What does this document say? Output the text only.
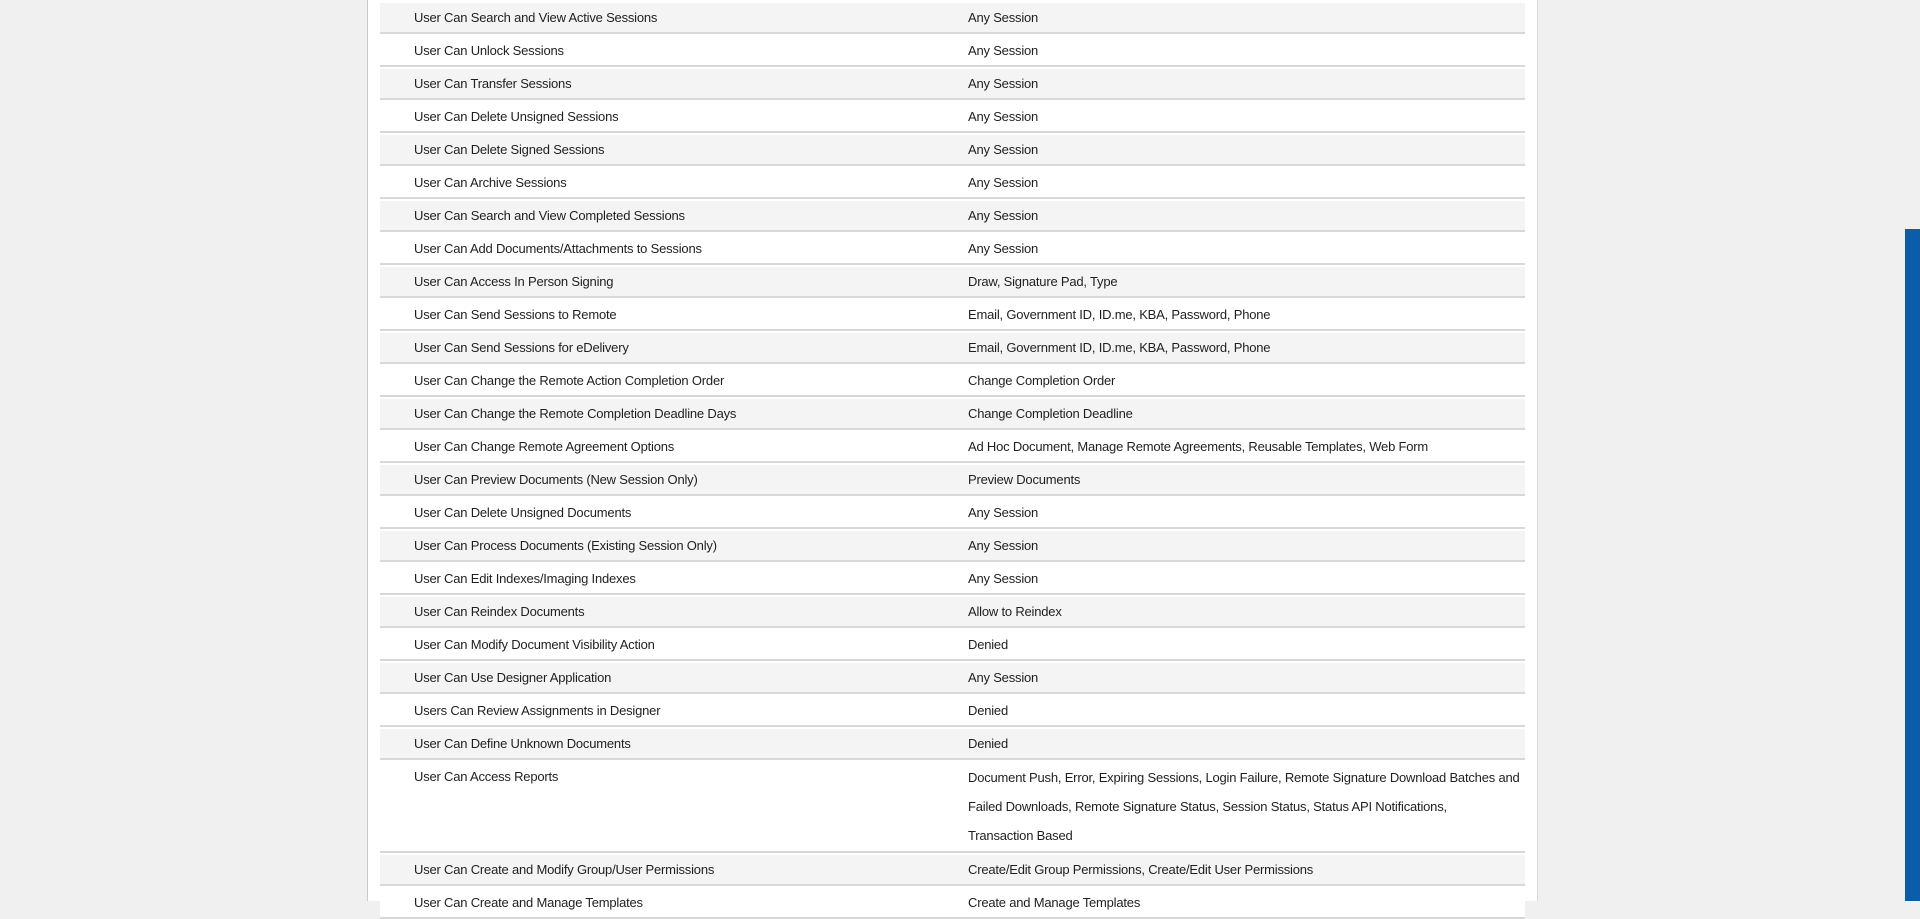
User Can Search and View Active Sessions	Any Session
User Can Unlock Sessions	Any Session
User Can Transfer Sessions	Any Session
User Can Delete Unsigned Sessions	Any Session
User Can Delete Signed Sessions	Any Session
User Can Archive Sessions	Any Session
User Can Search and View Completed Sessions	Any Session
User Can Add Documents/Attachments to Sessions	Any Session
User Can Access In Person Signing	Draw, Signature Pad, Type
User Can Send Sessions to Remote	Email, Government ID, ID.me, KBA, Password, Phone
User Can Send Sessions for eDelivery	Email, Government ID, ID.me, KBA, Password, Phone
User Can Change the Remote Action Completion Order	Change Completion Order
User Can Change the Remote Completion Deadline Days	Change Completion Deadline
User Can Change Remote Agreement Options	Ad Hoc Document, Manage Remote Agreements, Reusable Templates, Web Form
User Can Preview Documents (New Session Only)	Preview Documents
User Can Delete Unsigned Documents	Any Session
User Can Process Documents (Existing Session Only)	Any Session
User Can Edit Indexes/Imaging Indexes	Any Session
User Can Reindex Documents	Allow to Reindex
User Can Modify Document Visibility Action	Denied
User Can Use Designer Application	Any Session
Users Can Review Assignments in Designer	Denied
User Can Define Unknown Documents	Denied
User Can Access Reports	Document Push, Error, Expiring Sessions, Login Failure, Remote Signature Download Batches and
Failed Downloads, Remote Signature Status, Session Status, Status API Notifications,
Transaction Based
User Can Create and Modify Group/User Permissions	Create/Edit Group Permissions, Create/Edit User Permissions
User Can Create and Manage Templates	Create and Manage Templates
